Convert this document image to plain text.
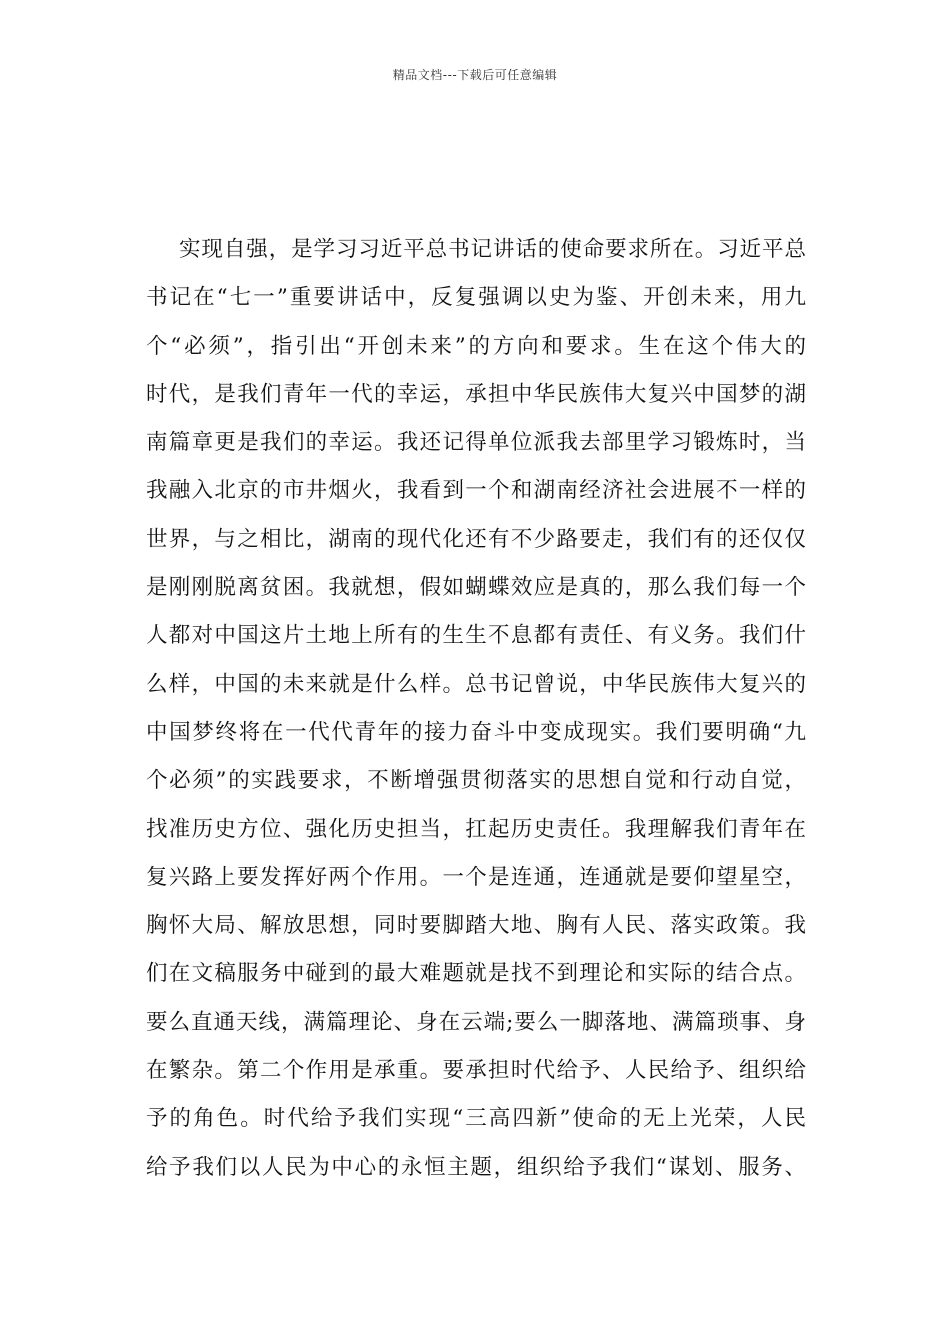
精品文档---下载后可任意编辑
实现自强，是学习习近平总书记讲话的使命要求所在。习近平总
书记在“七一”重要讲话中，反复强调以史为鉴、开创未来，用九
个“必须”，指引出“开创未来”的方向和要求。生在这个伟大的
时代，是我们青年一代的幸运，承担中华民族伟大复兴中国梦的湖
南篇章更是我们的幸运。我还记得单位派我去部里学习锻炼时，当
我融入北京的市井烟火，我看到一个和湖南经济社会进展不一样的
世界，与之相比，湖南的现代化还有不少路要走，我们有的还仅仅
是刚刚脱离贫困。我就想，假如蝴蝶效应是真的，那么我们每一个
人都对中国这片土地上所有的生生不息都有责任、有义务。我们什
么样，中国的未来就是什么样。总书记曾说，中华民族伟大复兴的
中国梦终将在一代代青年的接力奋斗中变成现实。我们要明确“九
个必须”的实践要求，不断增强贯彻落实的思想自觉和行动自觉，
找准历史方位、强化历史担当，扛起历史责任。我理解我们青年在
复兴路上要发挥好两个作用。一个是连通，连通就是要仰望星空，
胸怀大局、解放思想，同时要脚踏大地、胸有人民、落实政策。我
们在文稿服务中碰到的最大难题就是找不到理论和实际的结合点。
要么直通天线，满篇理论、身在云端;要么一脚落地、满篇琐事、身
在繁杂。第二个作用是承重。要承担时代给予、人民给予、组织给
予的角色。时代给予我们实现“三高四新”使命的无上光荣，人民
给予我们以人民为中心的永恒主题，组织给予我们“谋划、服务、
